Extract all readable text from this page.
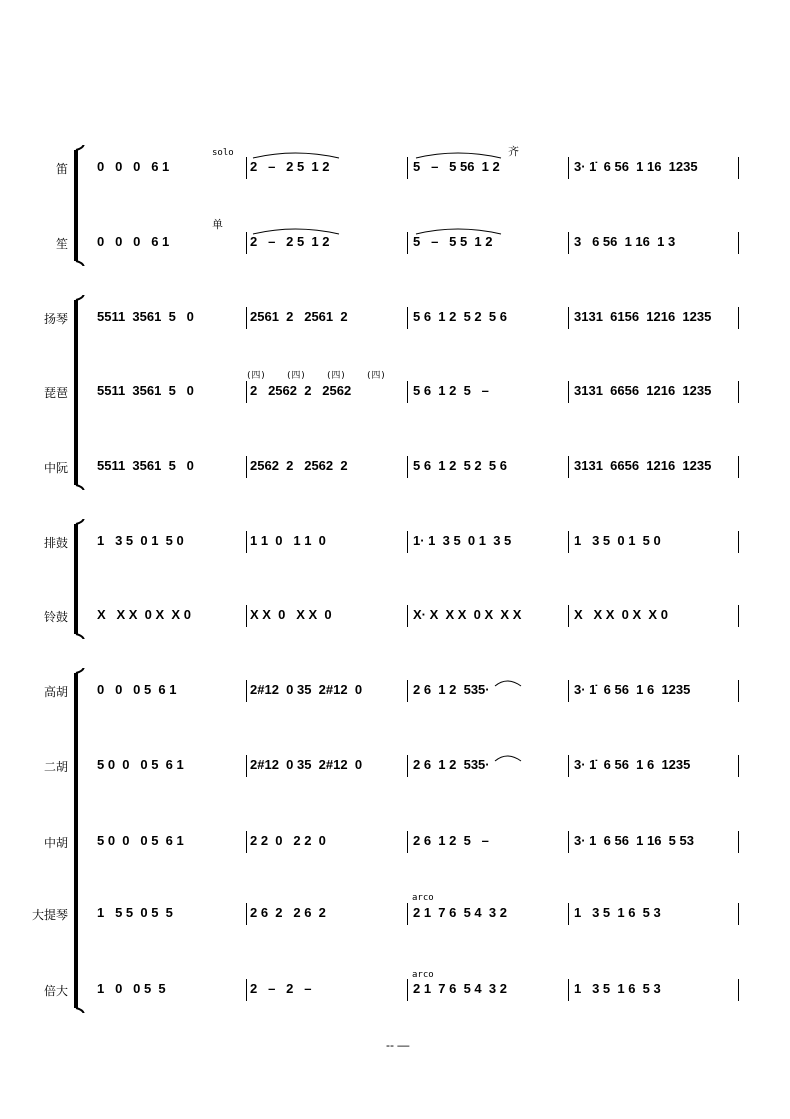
solo	齐
单
(四) (四) (四) (四)
arco
arco
-- —
笛 0   0   0   6 1	2   –   2 5  1 2	5   –   5 56  1 2	3· 1̇  6 56  1 16  1235
笙 0   0   0   6 1	2   –   2 5  1 2	5   –   5 5  1 2	3   6 56  1 16  1 3
扬琴 5511  3561  5   0	2561  2   2561  2	5 6  1 2  5 2  5 6	3131  6156  1216  1235
琵琶 5511  3561  5   0	2   2562  2   2562	5 6  1 2  5   –	3131  6656  1216  1235
中阮 5511  3561  5   0	2562  2   2562  2	5 6  1 2  5 2  5 6	3131  6656  1216  1235
排鼓 1   3 5  0 1  5 0	1 1  0   1 1  0	1· 1  3 5  0 1  3 5	1   3 5  0 1  5 0
铃鼓 X   X X  0 X  X 0	X X  0   X X  0	X· X  X X  0 X  X X	X   X X  0 X  X 0
高胡 0   0   0 5  6 1	2#12  0 35  2#12  0	2 6  1 2  535·	3· 1̇  6 56  1 6  1235
二胡 5 0  0   0 5  6 1	2#12  0 35  2#12  0	2 6  1 2  535·	3· 1̇  6 56  1 6  1235
中胡 5 0  0   0 5  6 1	2 2  0   2 2  0	2 6  1 2  5   –	3· 1  6 56  1 16  5 53
大提琴 1   5 5  0 5  5	2 6  2   2 6  2	2 1  7 6  5 4  3 2	1   3 5  1 6  5 3
倍大 1   0   0 5  5	2   –   2   –	2 1  7 6  5 4  3 2	1   3 5  1 6  5 3
